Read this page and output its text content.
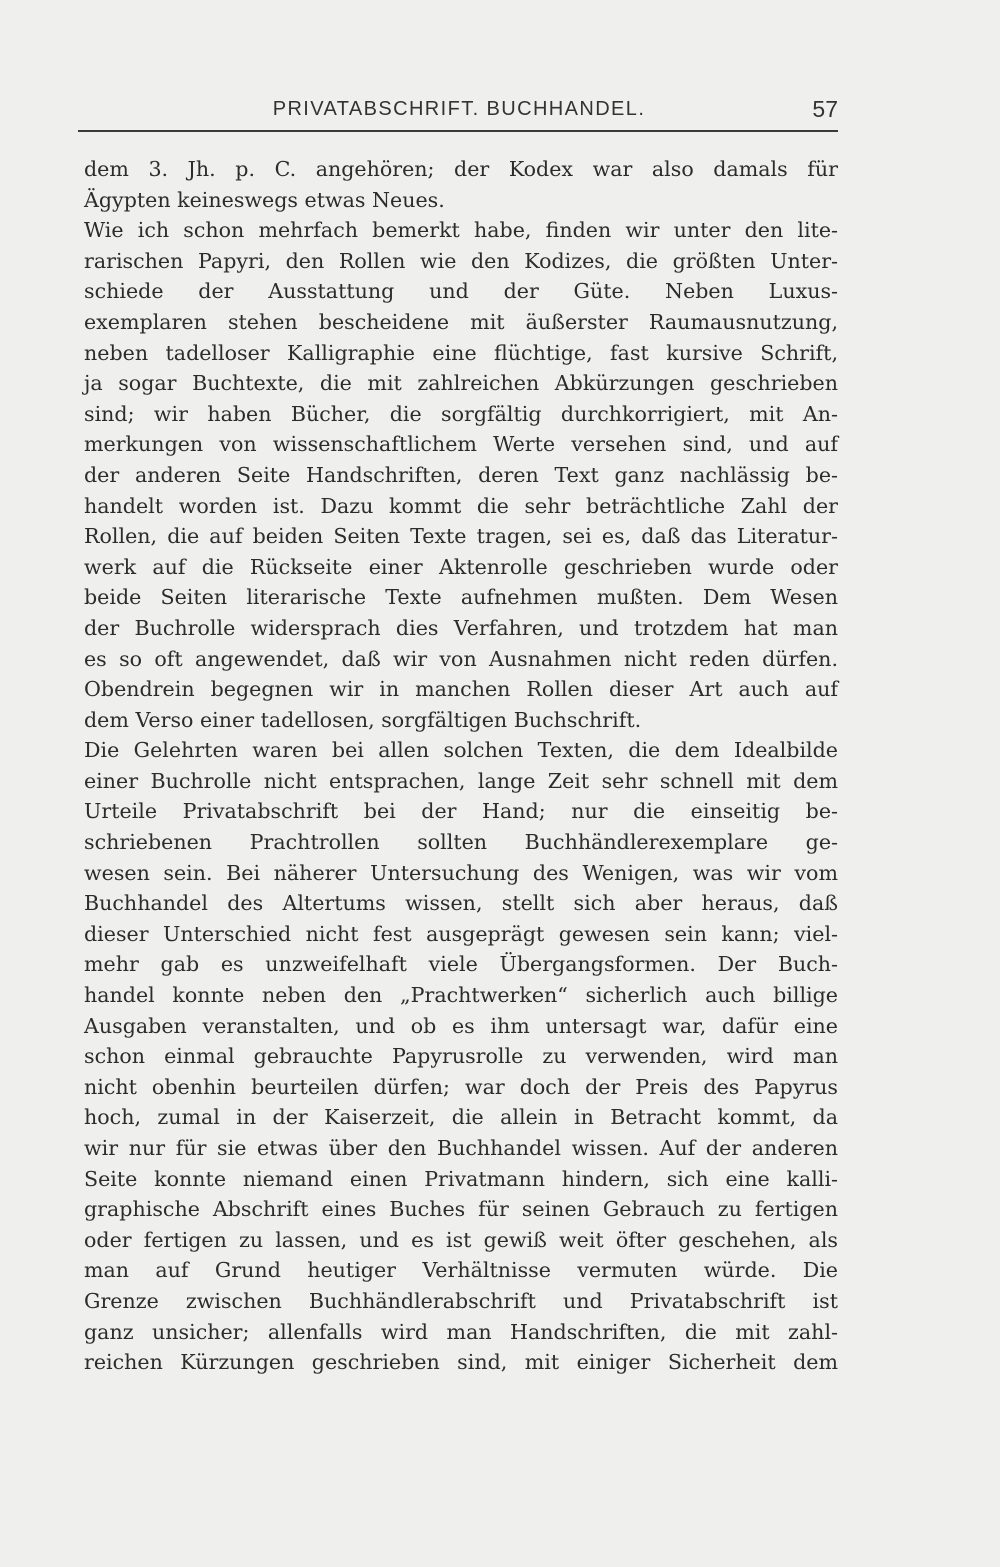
PRIVATABSCHRIFT. BUCHHANDEL.	57
dem 3. Jh. p. C. angehören; der Kodex war also damals für
Ägypten keineswegs etwas Neues.
Wie ich schon mehrfach bemerkt habe, finden wir unter den lite-
rarischen Papyri, den Rollen wie den Kodizes, die größten Unter-
schiede der Ausstattung und der Güte. Neben Luxus-
exemplaren stehen bescheidene mit äußerster Raumausnutzung,
neben tadelloser Kalligraphie eine flüchtige, fast kursive Schrift,
ja sogar Buchtexte, die mit zahlreichen Abkürzungen geschrieben
sind; wir haben Bücher, die sorgfältig durchkorrigiert, mit An-
merkungen von wissenschaftlichem Werte versehen sind, und auf
der anderen Seite Handschriften, deren Text ganz nachlässig be-
handelt worden ist. Dazu kommt die sehr beträchtliche Zahl der
Rollen, die auf beiden Seiten Texte tragen, sei es, daß das Literatur-
werk auf die Rückseite einer Aktenrolle geschrieben wurde oder
beide Seiten literarische Texte aufnehmen mußten. Dem Wesen
der Buchrolle widersprach dies Verfahren, und trotzdem hat man
es so oft angewendet, daß wir von Ausnahmen nicht reden dürfen.
Obendrein begegnen wir in manchen Rollen dieser Art auch auf
dem Verso einer tadellosen, sorgfältigen Buchschrift.
Die Gelehrten waren bei allen solchen Texten, die dem Idealbilde
einer Buchrolle nicht entsprachen, lange Zeit sehr schnell mit dem
Urteile Privatabschrift bei der Hand; nur die einseitig be-
schriebenen Prachtrollen sollten Buchhändlerexemplare ge-
wesen sein. Bei näherer Untersuchung des Wenigen, was wir vom
Buchhandel des Altertums wissen, stellt sich aber heraus, daß
dieser Unterschied nicht fest ausgeprägt gewesen sein kann; viel-
mehr gab es unzweifelhaft viele Übergangsformen. Der Buch-
handel konnte neben den „Prachtwerken“ sicherlich auch billige
Ausgaben veranstalten, und ob es ihm untersagt war, dafür eine
schon einmal gebrauchte Papyrusrolle zu verwenden, wird man
nicht obenhin beurteilen dürfen; war doch der Preis des Papyrus
hoch, zumal in der Kaiserzeit, die allein in Betracht kommt, da
wir nur für sie etwas über den Buchhandel wissen. Auf der anderen
Seite konnte niemand einen Privatmann hindern, sich eine kalli-
graphische Abschrift eines Buches für seinen Gebrauch zu fertigen
oder fertigen zu lassen, und es ist gewiß weit öfter geschehen, als
man auf Grund heutiger Verhältnisse vermuten würde. Die
Grenze zwischen Buchhändlerabschrift und Privatabschrift ist
ganz unsicher; allenfalls wird man Handschriften, die mit zahl-
reichen Kürzungen geschrieben sind, mit einiger Sicherheit dem
